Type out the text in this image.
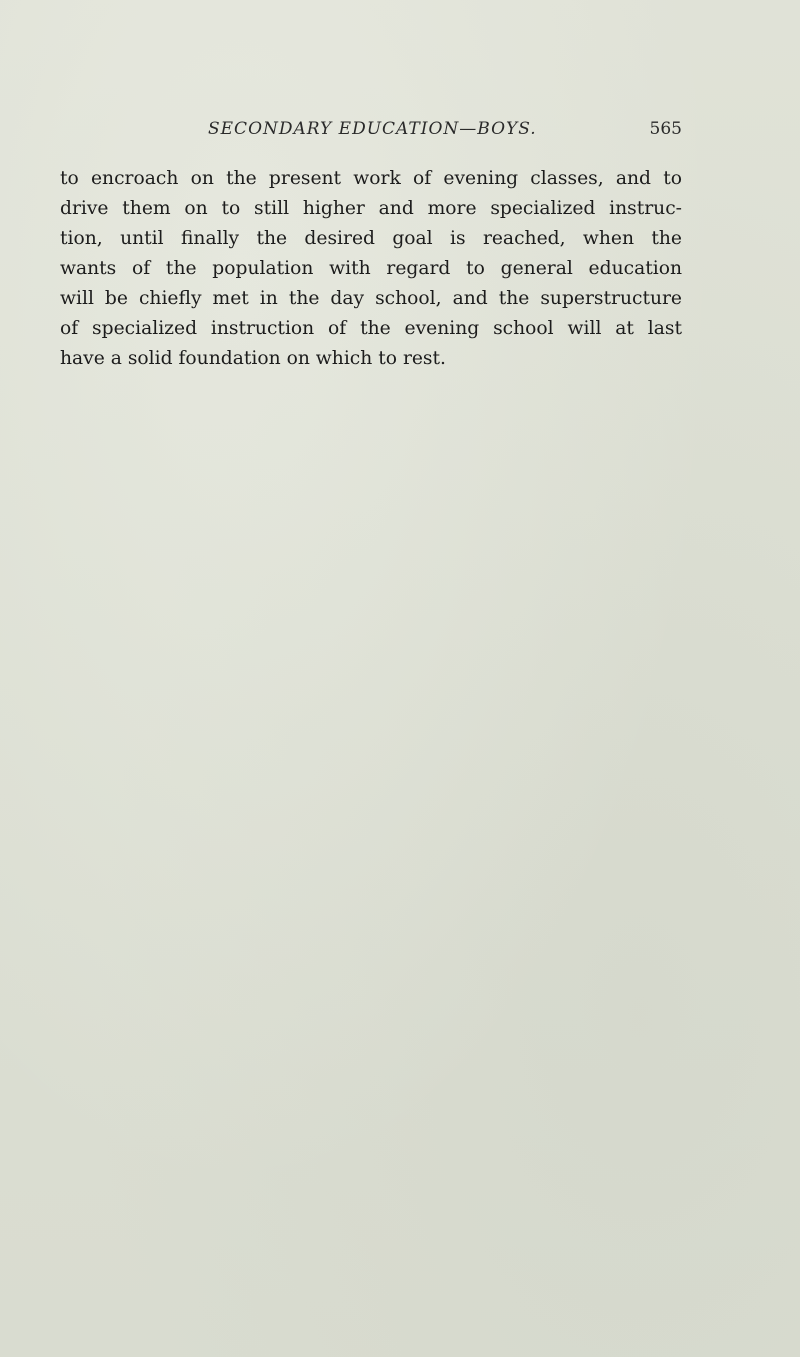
SECONDARY EDUCATION—BOYS.	565

to encroach on the present work of evening classes, and to
drive them on to still higher and more specialized instruc-
tion, until finally the desired goal is reached, when the
wants of the population with regard to general education
will be chiefly met in the day school, and the superstructure
of specialized instruction of the evening school will at last
have a solid foundation on which to rest.
